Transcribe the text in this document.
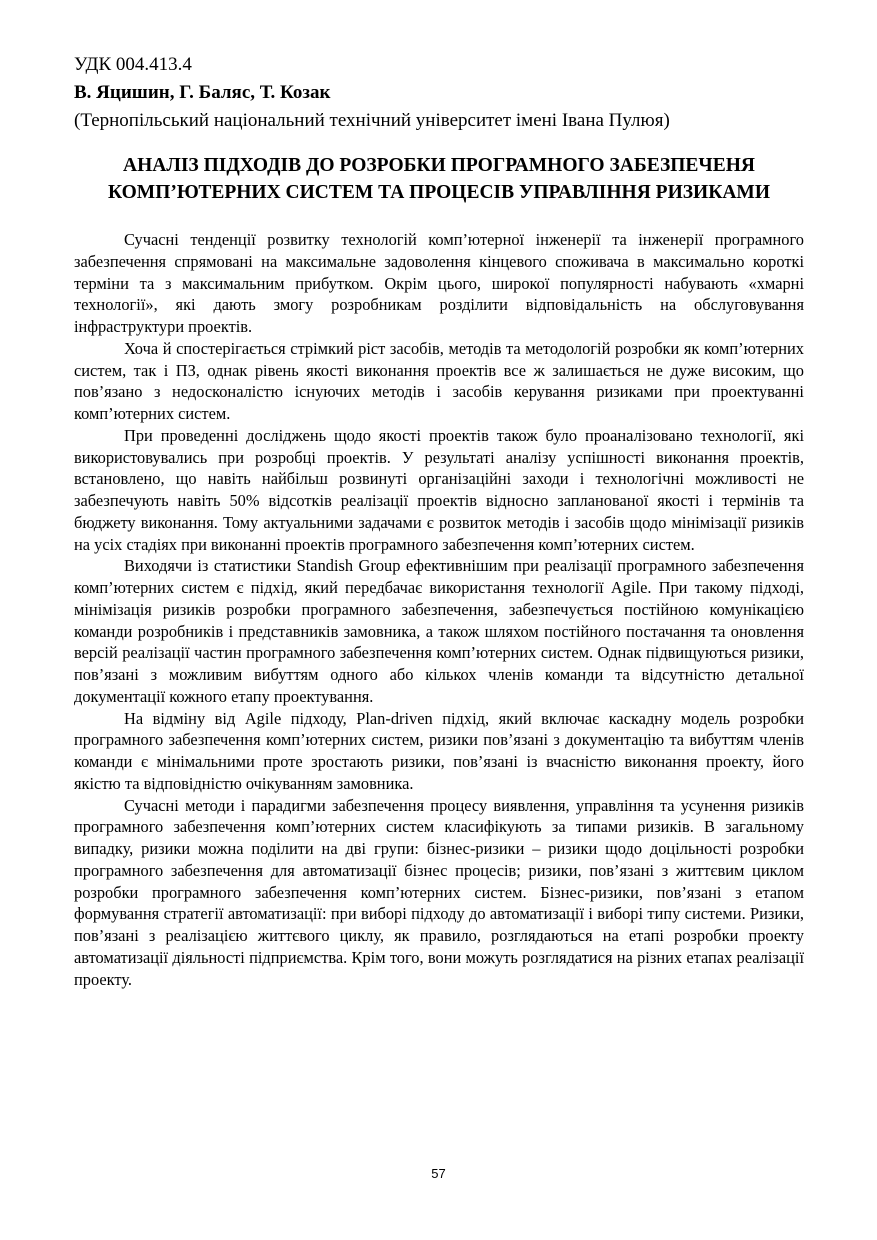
УДК 004.413.4
В. Яцишин, Г. Баляс, Т. Козак
(Тернопільський національний технічний університет імені Івана Пулюя)
АНАЛІЗ ПІДХОДІВ ДО РОЗРОБКИ ПРОГРАМНОГО ЗАБЕЗПЕЧЕНЯ
КОМП’ЮТЕРНИХ СИСТЕМ ТА ПРОЦЕСІВ УПРАВЛІННЯ РИЗИКАМИ

Сучасні тенденції розвитку технологій комп’ютерної інженерії та інженерії програмного забезпечення спрямовані на максимальне задоволення кінцевого споживача в максимально короткі терміни та з максимальним прибутком. Окрім цього, широкої популярності набувають «хмарні технології», які дають змогу розробникам розділити відповідальність на обслуговування інфраструктури проектів.

Хоча й спостерігається стрімкий ріст засобів, методів та методологій розробки як комп’ютерних систем, так і ПЗ, однак рівень якості виконання проектів все ж залишається не дуже високим, що пов’язано з недосконалістю існуючих методів і засобів керування ризиками при проектуванні комп’ютерних систем.

При проведенні досліджень щодо якості проектів також було проаналізовано технології, які використовувались при розробці проектів. У результаті аналізу успішності виконання проектів, встановлено, що навіть найбільш розвинуті організаційні заходи і технологічні можливості не забезпечують навіть 50% відсотків реалізації проектів відносно запланованої якості і термінів та бюджету виконання. Тому актуальними задачами є розвиток методів і засобів щодо мінімізації ризиків на усіх стадіях при виконанні проектів програмного забезпечення комп’ютерних систем.

Виходячи із статистики Standish Group ефективнішим при реалізації програмного забезпечення комп’ютерних систем є підхід, який передбачає використання технології Agile. При такому підході, мінімізація ризиків розробки програмного забезпечення, забезпечується постійною комунікацією команди розробників і представників замовника, а також шляхом постійного постачання та оновлення версій реалізації частин програмного забезпечення комп’ютерних систем. Однак підвищуються ризики, пов’язані з можливим вибуттям одного або кількох членів команди та відсутністю детальної документації кожного етапу проектування.

На відміну від Agile підходу, Plan-driven підхід, який включає каскадну модель розробки програмного забезпечення комп’ютерних систем, ризики пов’язані з документацію та вибуттям членів команди є мінімальними проте зростають ризики, пов’язані із вчасністю виконання проекту, його якістю та відповідністю очікуванням замовника.

Сучасні методи і парадигми забезпечення процесу виявлення, управління та усунення ризиків програмного забезпечення комп’ютерних систем класифікують за типами ризиків. В загальному випадку, ризики можна поділити на дві групи: бізнес-ризики – ризики щодо доцільності розробки програмного забезпечення для автоматизації бізнес процесів; ризики, пов’язані з життєвим циклом розробки програмного забезпечення комп’ютерних систем. Бізнес-ризики, пов’язані з етапом формування стратегії автоматизації: при виборі підходу до автоматизації і виборі типу системи. Ризики, пов’язані з реалізацією життєвого циклу, як правило, розглядаються на етапі розробки проекту автоматизації діяльності підприємства. Крім того, вони можуть розглядатися на різних етапах реалізації проекту.

57
